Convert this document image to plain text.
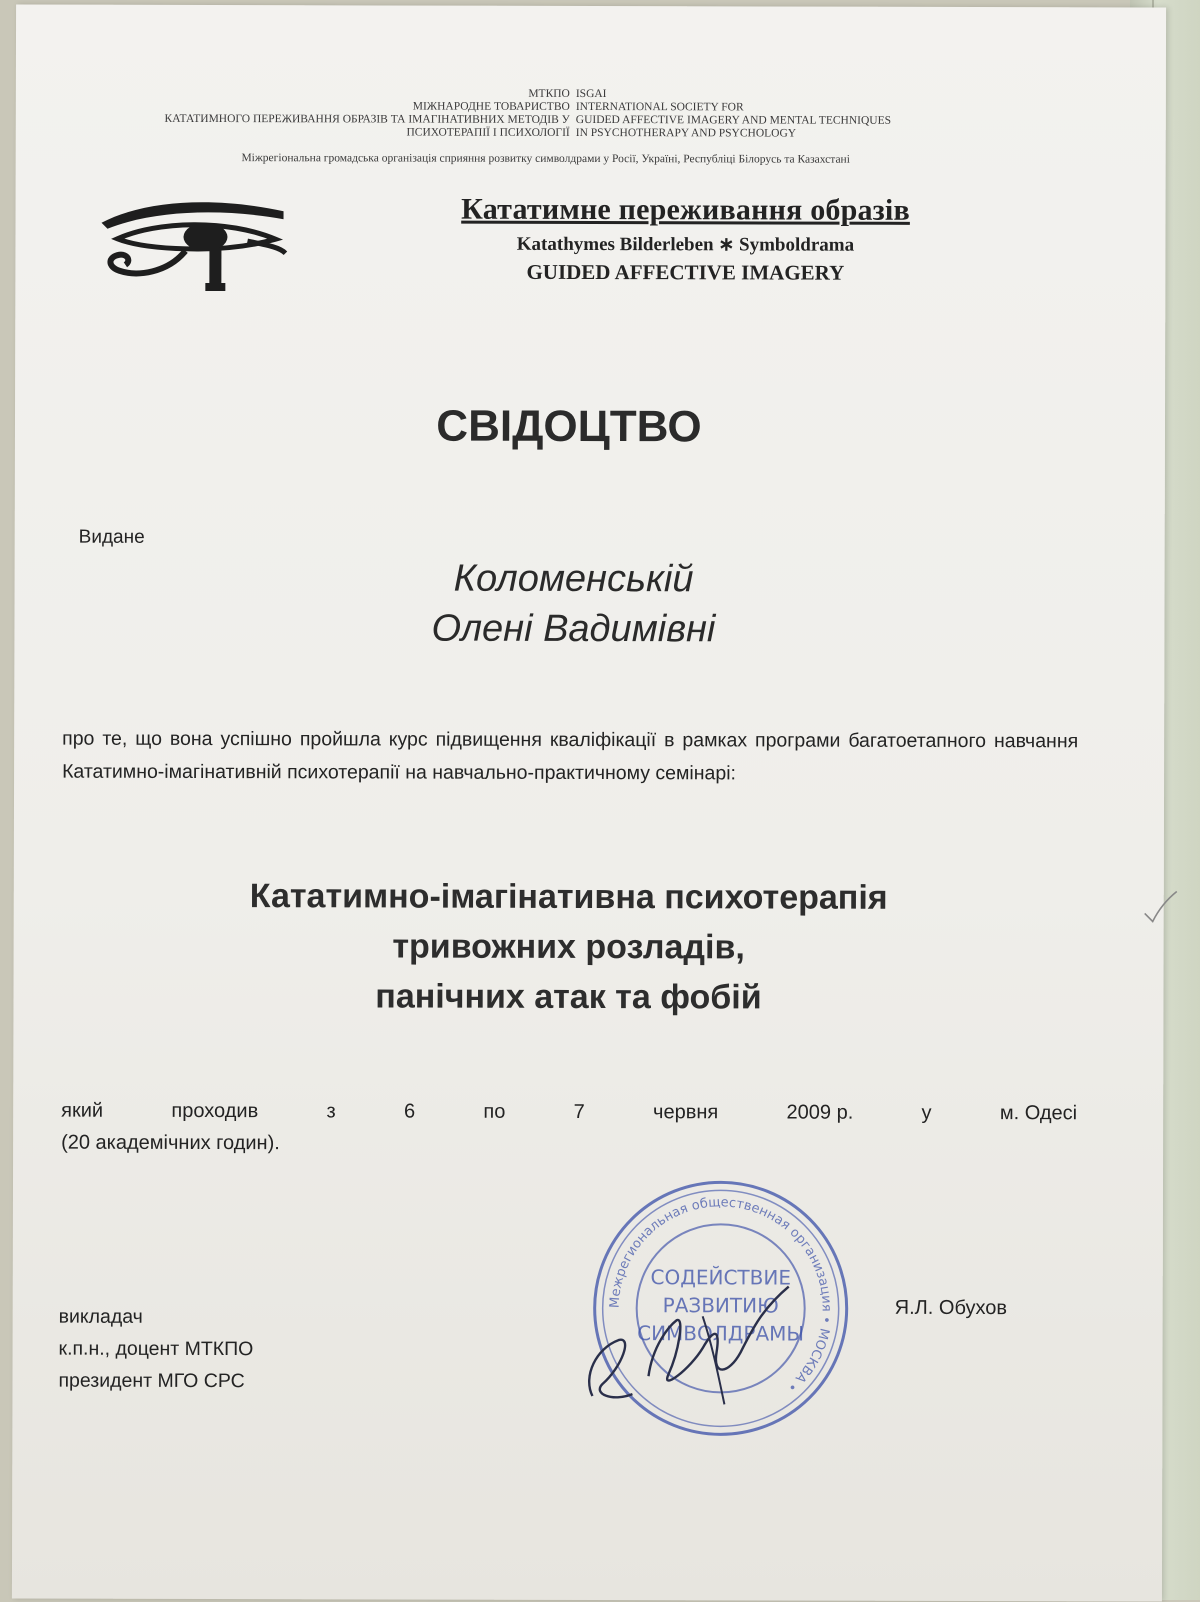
МТКПО
МІЖНАРОДНЕ ТОВАРИСТВО
КАТАТИМНОГО ПЕРЕЖИВАННЯ ОБРАЗІВ ТА ІМАГІНАТИВНИХ МЕТОДІВ У
ПСИХОТЕРАПІЇ І ПСИХОЛОГІЇ
ISGAI
INTERNATIONAL SOCIETY FOR
GUIDED AFFECTIVE IMAGERY AND MENTAL TECHNIQUES
IN PSYCHOTHERAPY AND PSYCHOLOGY
Міжрегіональна громадська організація сприяння розвитку символдрами у Росії, Україні, Республіці Білорусь та Казахстані
Кататимне переживання образів
Katathymes Bilderleben ∗ Symboldrama
GUIDED AFFECTIVE IMAGERY
СВІДОЦТВО
Видане
Коломенській
Олені Вадимівні
про те, що вона успішно пройшла курс підвищення кваліфікації в рамках програми багатоетапного навчання Кататимно-імагінативній психотерапії на навчально-практичному семінарі:
Кататимно-імагінативна психотерапія
тривожних розладів,
панічних атак та фобій
який	проходив	з	6	по	7	червня	2009 р.	у	м. Одесі
(20 академічних годин).
Межрегиональная общественная организация • МОСКВА •
СОДЕЙСТВИЕ
РАЗВИТИЮ
СИМВОЛДРАМЫ
викладач
к.п.н., доцент МТКПО
президент МГО СРС
Я.Л. Обухов
